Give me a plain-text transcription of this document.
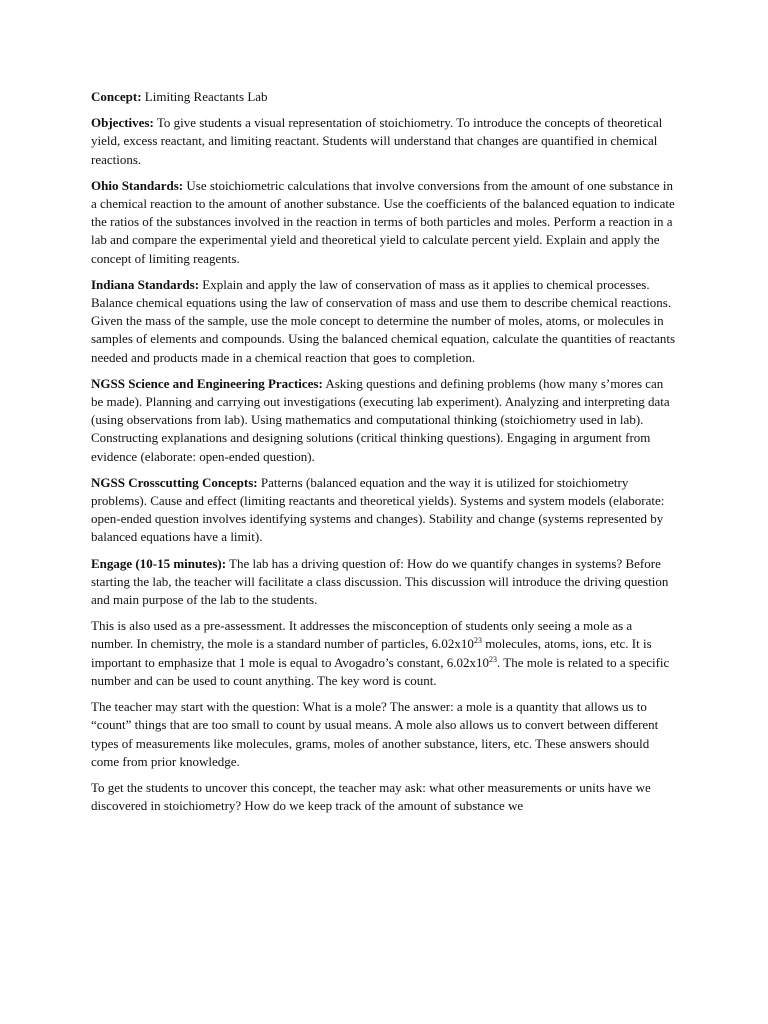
Concept: Limiting Reactants Lab

Objectives: To give students a visual representation of stoichiometry. To introduce the concepts of theoretical yield, excess reactant, and limiting reactant. Students will understand that changes are quantified in chemical reactions.

Ohio Standards: Use stoichiometric calculations that involve conversions from the amount of one substance in a chemical reaction to the amount of another substance. Use the coefficients of the balanced equation to indicate the ratios of the substances involved in the reaction in terms of both particles and moles. Perform a reaction in a lab and compare the experimental yield and theoretical yield to calculate percent yield. Explain and apply the concept of limiting reagents.

Indiana Standards: Explain and apply the law of conservation of mass as it applies to chemical processes. Balance chemical equations using the law of conservation of mass and use them to describe chemical reactions. Given the mass of the sample, use the mole concept to determine the number of moles, atoms, or molecules in samples of elements and compounds. Using the balanced chemical equation, calculate the quantities of reactants needed and products made in a chemical reaction that goes to completion.

NGSS Science and Engineering Practices: Asking questions and defining problems (how many s’mores can be made). Planning and carrying out investigations (executing lab experiment). Analyzing and interpreting data (using observations from lab). Using mathematics and computational thinking (stoichiometry used in lab). Constructing explanations and designing solutions (critical thinking questions). Engaging in argument from evidence (elaborate: open-ended question).

NGSS Crosscutting Concepts: Patterns (balanced equation and the way it is utilized for stoichiometry problems). Cause and effect (limiting reactants and theoretical yields). Systems and system models (elaborate: open-ended question involves identifying systems and changes). Stability and change (systems represented by balanced equations have a limit).

Engage (10-15 minutes): The lab has a driving question of: How do we quantify changes in systems? Before starting the lab, the teacher will facilitate a class discussion. This discussion will introduce the driving question and main purpose of the lab to the students.

This is also used as a pre-assessment. It addresses the misconception of students only seeing a mole as a number. In chemistry, the mole is a standard number of particles, $6.02x10^{23}$ molecules, atoms, ions, etc. It is important to emphasize that 1 mole is equal to Avogadro’s constant, $6.02x10^{23}$. The mole is related to a specific number and can be used to count anything. The key word is count.

The teacher may start with the question: What is a mole? The answer: a mole is a quantity that allows us to “count” things that are too small to count by usual means. A mole also allows us to convert between different types of measurements like molecules, grams, moles of another substance, liters, etc. These answers should come from prior knowledge.

To get the students to uncover this concept, the teacher may ask: what other measurements or units have we discovered in stoichiometry? How do we keep track of the amount of substance we
